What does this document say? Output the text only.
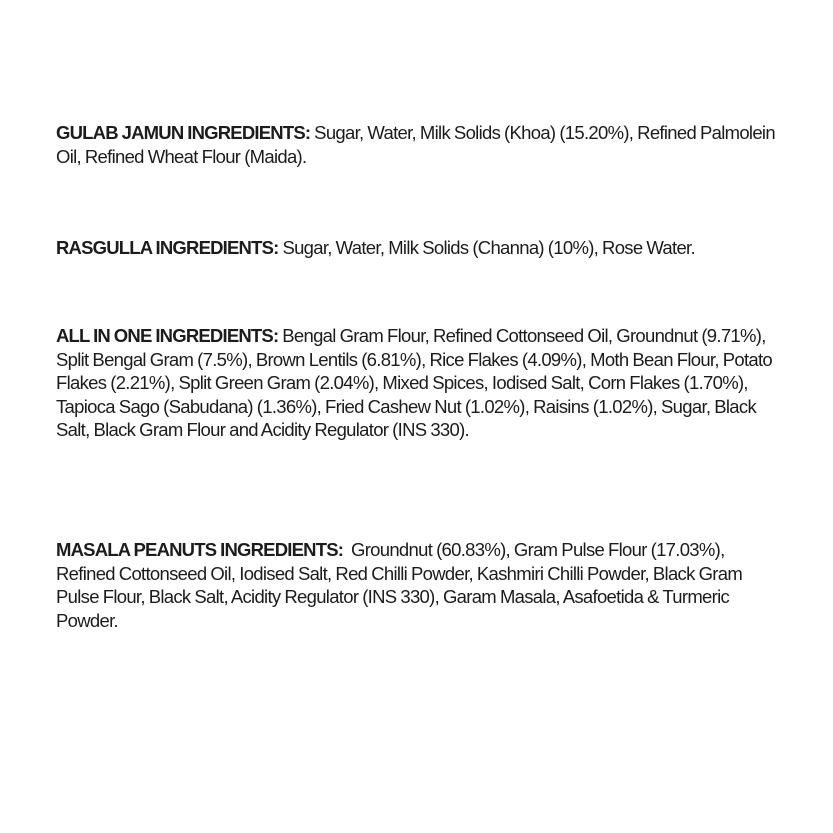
GULAB JAMUN INGREDIENTS: Sugar, Water, Milk Solids (Khoa) (15.20%), Refined Palmolein Oil, Refined Wheat Flour (Maida).

RASGULLA INGREDIENTS: Sugar, Water, Milk Solids (Channa) (10%), Rose Water.

ALL IN ONE INGREDIENTS: Bengal Gram Flour, Refined Cottonseed Oil, Groundnut (9.71%), Split Bengal Gram (7.5%), Brown Lentils (6.81%), Rice Flakes (4.09%), Moth Bean Flour, Potato Flakes (2.21%), Split Green Gram (2.04%), Mixed Spices, Iodised Salt, Corn Flakes (1.70%), Tapioca Sago (Sabudana) (1.36%), Fried Cashew Nut (1.02%), Raisins (1.02%), Sugar, Black Salt, Black Gram Flour and Acidity Regulator (INS 330).

MASALA PEANUTS INGREDIENTS:  Groundnut (60.83%), Gram Pulse Flour (17.03%), Refined Cottonseed Oil, Iodised Salt, Red Chilli Powder, Kashmiri Chilli Powder, Black Gram Pulse Flour, Black Salt, Acidity Regulator (INS 330), Garam Masala, Asafoetida & Turmeric Powder.
